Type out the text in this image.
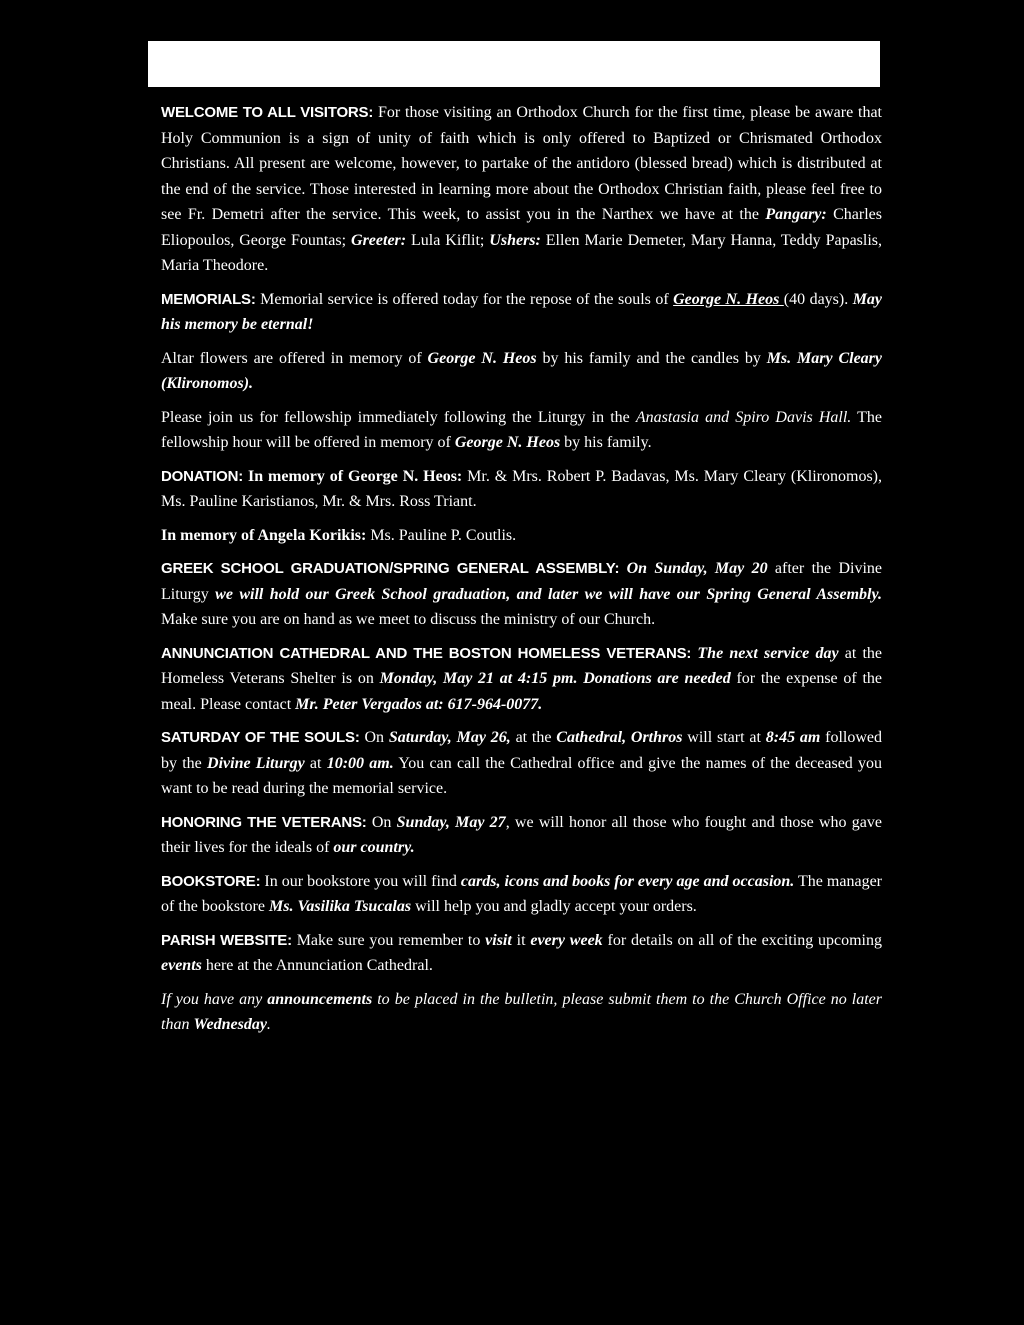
WELCOME TO ALL VISITORS: For those visiting an Orthodox Church for the first time, please be aware that Holy Communion is a sign of unity of faith which is only offered to Baptized or Chrismated Orthodox Christians. All present are welcome, however, to partake of the antidoro (blessed bread) which is distributed at the end of the service. Those interested in learning more about the Orthodox Christian faith, please feel free to see Fr. Demetri after the service. This week, to assist you in the Narthex we have at the Pangary: Charles Eliopoulos, George Fountas; Greeter: Lula Kiflit; Ushers: Ellen Marie Demeter, Mary Hanna, Teddy Papaslis, Maria Theodore.

MEMORIALS: Memorial service is offered today for the repose of the souls of George N. Heos (40 days). May his memory be eternal!

Altar flowers are offered in memory of George N. Heos by his family and the candles by Ms. Mary Cleary (Klironomos).

Please join us for fellowship immediately following the Liturgy in the Anastasia and Spiro Davis Hall. The fellowship hour will be offered in memory of George N. Heos by his family.

DONATION: In memory of George N. Heos: Mr. & Mrs. Robert P. Badavas, Ms. Mary Cleary (Klironomos), Ms. Pauline Karistianos, Mr. & Mrs. Ross Triant.

In memory of Angela Korikis: Ms. Pauline P. Coutlis.

GREEK SCHOOL GRADUATION/SPRING GENERAL ASSEMBLY: On Sunday, May 20 after the Divine Liturgy we will hold our Greek School graduation, and later we will have our Spring General Assembly. Make sure you are on hand as we meet to discuss the ministry of our Church.

ANNUNCIATION CATHEDRAL AND THE BOSTON HOMELESS VETERANS: The next service day at the Homeless Veterans Shelter is on Monday, May 21 at 4:15 pm. Donations are needed for the expense of the meal. Please contact Mr. Peter Vergados at: 617-964-0077.

SATURDAY OF THE SOULS: On Saturday, May 26, at the Cathedral, Orthros will start at 8:45 am followed by the Divine Liturgy at 10:00 am. You can call the Cathedral office and give the names of the deceased you want to be read during the memorial service.

HONORING THE VETERANS: On Sunday, May 27, we will honor all those who fought and those who gave their lives for the ideals of our country.

BOOKSTORE: In our bookstore you will find cards, icons and books for every age and occasion. The manager of the bookstore Ms. Vasilika Tsucalas will help you and gladly accept your orders.

PARISH WEBSITE: Make sure you remember to visit it every week for details on all of the exciting upcoming events here at the Annunciation Cathedral.

If you have any announcements to be placed in the bulletin, please submit them to the Church Office no later than Wednesday.
